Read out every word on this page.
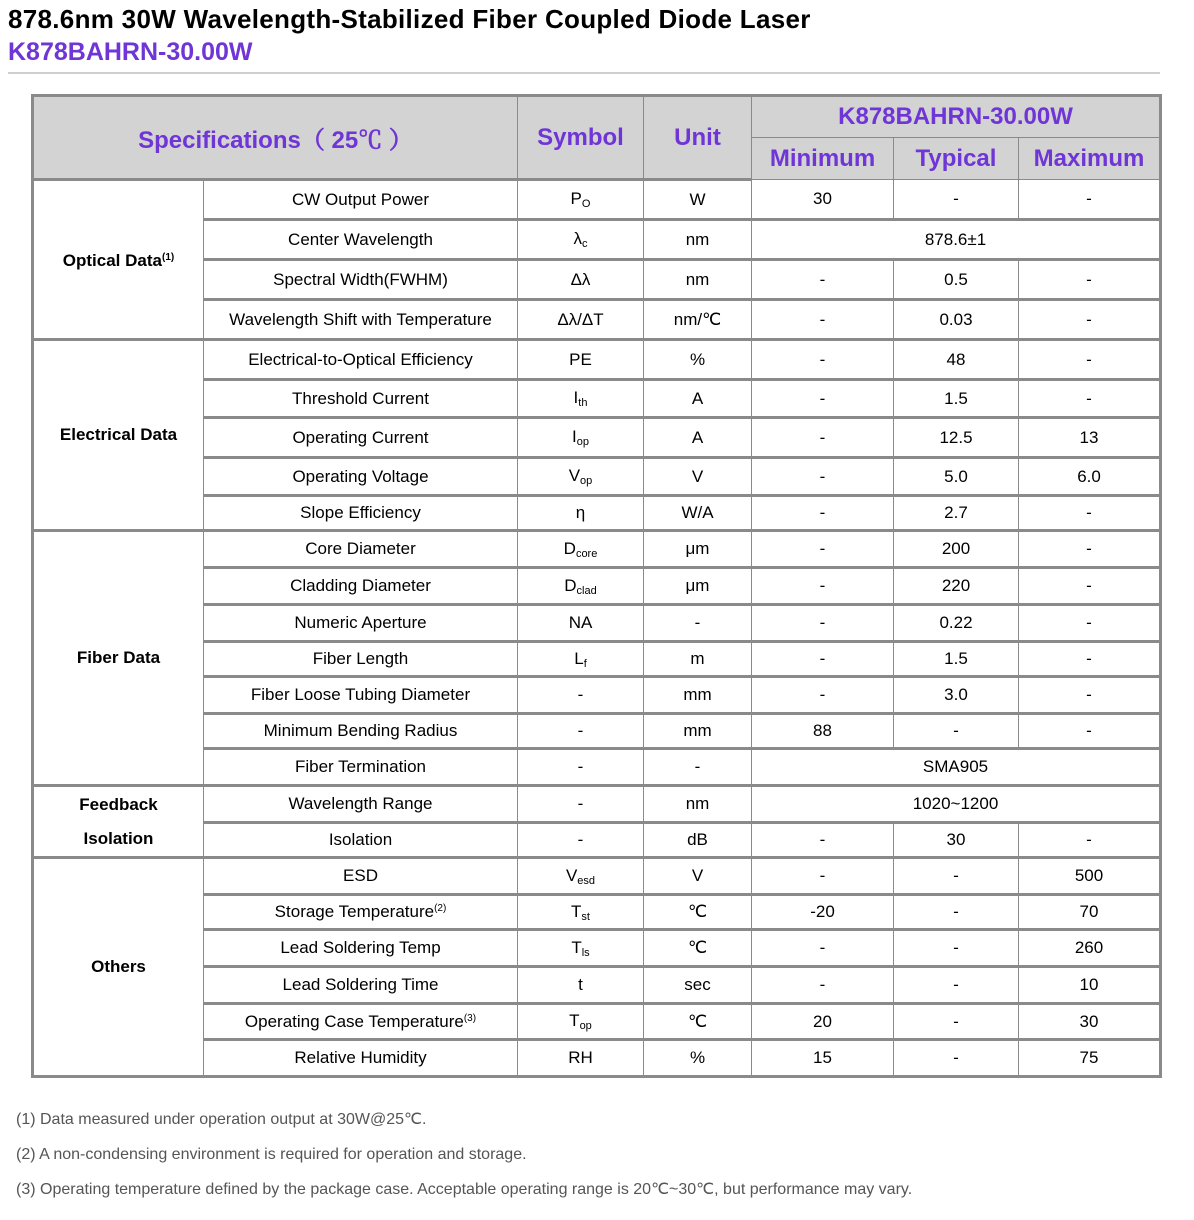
878.6nm 30W Wavelength-Stabilized Fiber Coupled Diode Laser
K878BAHRN-30.00W
Specifications（ 25℃ ）		Symbol	Unit	K878BAHRN-30.00W		
				Minimum	Typical	Maximum
Optical Data$^{(1)}$	CW Output Power	PO	W	30	-	-
	Center Wavelength	λc	nm	878.6±1		
	Spectral Width(FWHM)	Δλ	nm	-	0.5	-
	Wavelength Shift with Temperature	Δλ/ΔT	nm/℃	-	0.03	-
Electrical Data	Electrical-to-Optical Efficiency	PE	%	-	48	-
	Threshold Current	Ith	A	-	1.5	-
	Operating Current	Iop	A	-	12.5	13
	Operating Voltage	Vop	V	-	5.0	6.0
	Slope Efficiency	η	W/A	-	2.7	-
Fiber Data	Core Diameter	Dcore	μm	-	200	-
	Cladding Diameter	Dclad	μm	-	220	-
	Numeric Aperture	NA	-	-	0.22	-
	Fiber Length	Lf	m	-	1.5	-
	Fiber Loose Tubing Diameter	-	mm	-	3.0	-
	Minimum Bending Radius	-	mm	88	-	-
	Fiber Termination	-	-	SMA905		
Feedback
Isolation	Wavelength Range	-	nm	1020~1200		
	Isolation	-	dB	-	30	-
Others	ESD	Vesd	V	-	-	500
	Storage Temperature$^{(2)}$	Tst	℃	-20	-	70
	Lead Soldering Temp	Tls	℃	-	-	260
	Lead Soldering Time	t	sec	-	-	10
	Operating Case Temperature$^{(3)}$	Top	℃	20	-	30
	Relative Humidity	RH	%	15	-	75
(1) Data measured under operation output at 30W@25℃.
(2) A non-condensing environment is required for operation and storage.
(3) Operating temperature defined by the package case. Acceptable operating range is 20℃~30℃, but performance may vary.
